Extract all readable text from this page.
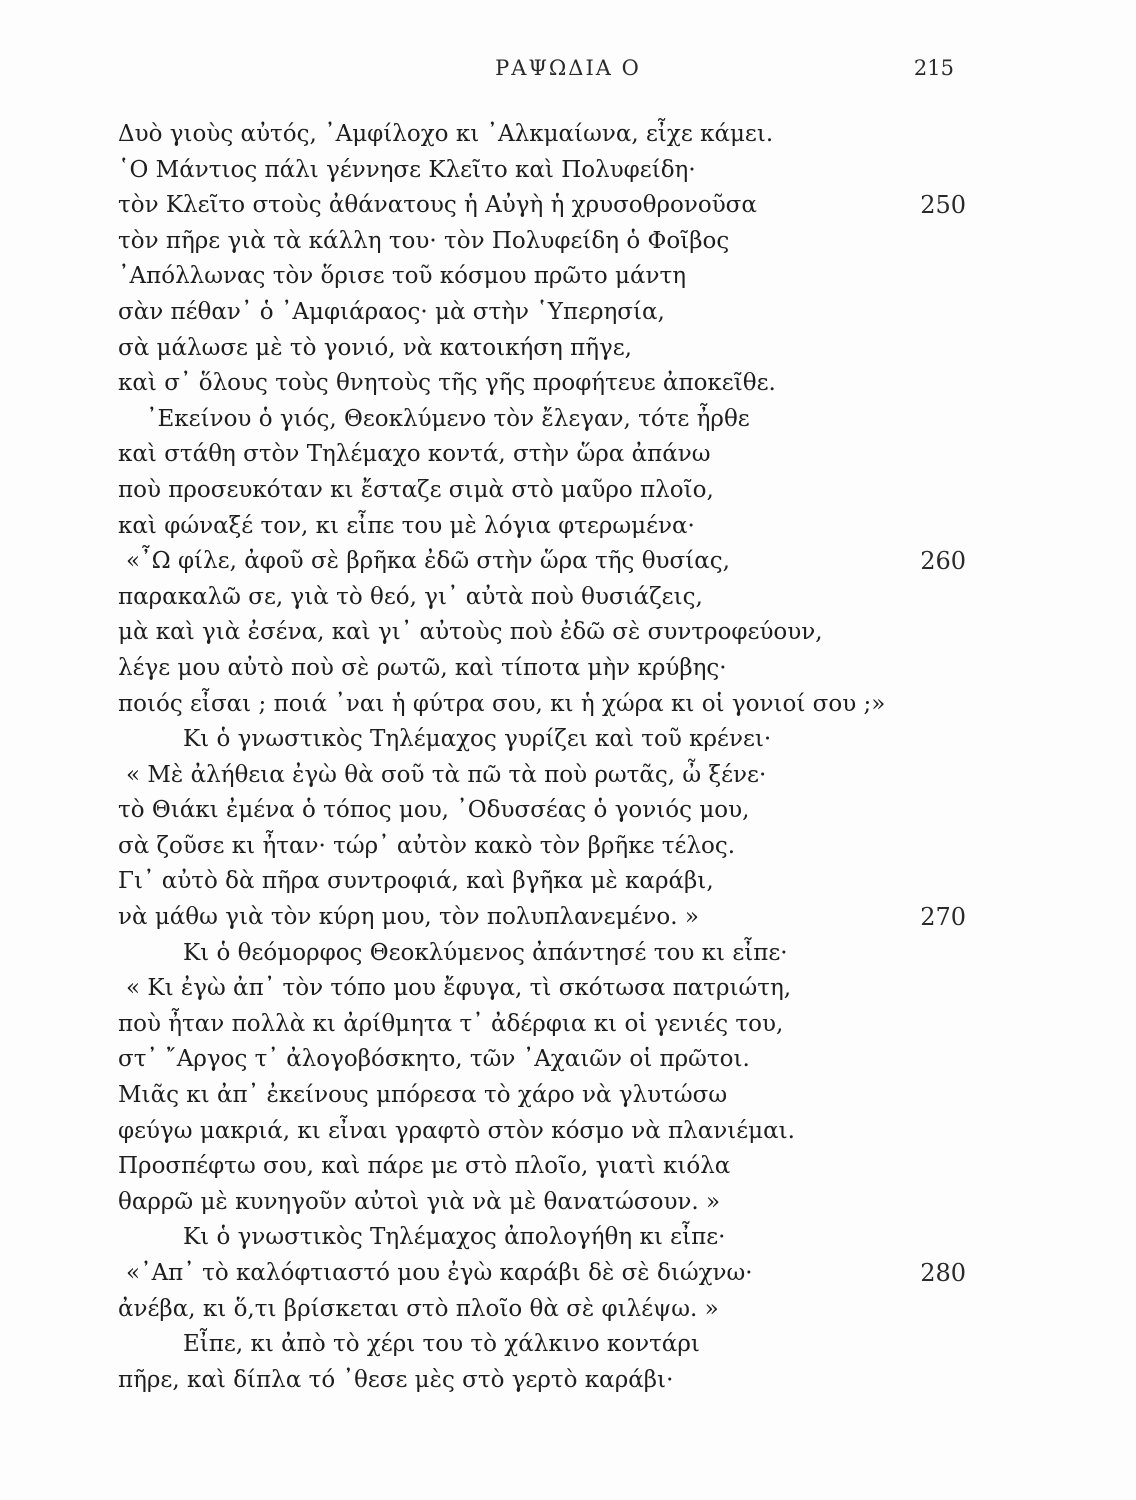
ΡΑΨΩΔΙΑ Ο	215
Δυὸ γιοὺς αὐτός, ᾿Αμφίλοχο κι ᾿Αλκμαίωνα, εἶχε κάμει.
῾Ο Μάντιος πάλι γέννησε Κλεῖτο καὶ Πολυφείδη·
τὸν Κλεῖτο στοὺς ἀθάνατους ἡ Αὐγὴ ἡ χρυσοθρονοῦσα	250
τὸν πῆρε γιὰ τὰ κάλλη του· τὸν Πολυφείδη ὁ Φοῖβος
᾿Απόλλωνας τὸν ὅρισε τοῦ κόσμου πρῶτο μάντη
σὰν πέθαν᾿ ὁ ᾿Αμφιάραος· μὰ στὴν ῾Υπερησία,
σὰ μάλωσε μὲ τὸ γονιό, νὰ κατοικήση πῆγε,
καὶ σ᾿ ὅλους τοὺς θνητοὺς τῆς γῆς προφήτευε ἀποκεῖθε.
᾿Εκείνου ὁ γιός, Θεοκλύμενο τὸν ἔλεγαν, τότε ἦρθε
καὶ στάθη στὸν Τηλέμαχο κοντά, στὴν ὥρα ἀπάνω
ποὺ προσευκόταν κι ἔσταζε σιμὰ στὸ μαῦρο πλοῖο,
καὶ φώναξέ τον, κι εἶπε του μὲ λόγια φτερωμένα·
«῏Ω φίλε, ἀφοῦ σὲ βρῆκα ἐδῶ στὴν ὥρα τῆς θυσίας,	260
παρακαλῶ σε, γιὰ τὸ θεό, γι᾿ αὐτὰ ποὺ θυσιάζεις,
μὰ καὶ γιὰ ἐσένα, καὶ γι᾿ αὐτοὺς ποὺ ἐδῶ σὲ συντροφεύουν,
λέγε μου αὐτὸ ποὺ σὲ ρωτῶ, καὶ τίποτα μὴν κρύβης·
ποιός εἶσαι ; ποιά ᾿ναι ἡ φύτρα σου, κι ἡ χώρα κι οἱ γονιοί σου ;»
Κι ὁ γνωστικὸς Τηλέμαχος γυρίζει καὶ τοῦ κρένει·
« Μὲ ἀλήθεια ἐγὼ θὰ σοῦ τὰ πῶ τὰ ποὺ ρωτᾶς, ὦ ξένε·
τὸ Θιάκι ἐμένα ὁ τόπος μου, ᾿Οδυσσέας ὁ γονιός μου,
σὰ ζοῦσε κι ἦταν· τώρ᾿ αὐτὸν κακὸ τὸν βρῆκε τέλος.
Γι᾿ αὐτὸ δὰ πῆρα συντροφιά, καὶ βγῆκα μὲ καράβι,
νὰ μάθω γιὰ τὸν κύρη μου, τὸν πολυπλανεμένο. »	270
Κι ὁ θεόμορφος Θεοκλύμενος ἀπάντησέ του κι εἶπε·
« Κι ἐγὼ ἀπ᾿ τὸν τόπο μου ἔφυγα, τὶ σκότωσα πατριώτη,
ποὺ ἦταν πολλὰ κι ἀρίθμητα τ᾿ ἀδέρφια κι οἱ γενιές του,
στ᾿ ῎Αργος τ᾿ ἀλογοβόσκητο, τῶν ᾿Αχαιῶν οἱ πρῶτοι.
Μιᾶς κι ἀπ᾿ ἐκείνους μπόρεσα τὸ χάρο νὰ γλυτώσω
φεύγω μακριά, κι εἶναι γραφτὸ στὸν κόσμο νὰ πλανιέμαι.
Προσπέφτω σου, καὶ πάρε με στὸ πλοῖο, γιατὶ κιόλα
θαρρῶ μὲ κυνηγοῦν αὐτοὶ γιὰ νὰ μὲ θανατώσουν. »
Κι ὁ γνωστικὸς Τηλέμαχος ἀπολογήθη κι εἶπε·
«᾿Απ᾿ τὸ καλόφτιαστό μου ἐγὼ καράβι δὲ σὲ διώχνω·	280
ἀνέβα, κι ὅ,τι βρίσκεται στὸ πλοῖο θὰ σὲ φιλέψω. »
Εἶπε, κι ἀπὸ τὸ χέρι του τὸ χάλκινο κοντάρι
πῆρε, καὶ δίπλα τό ᾿θεσε μὲς στὸ γερτὸ καράβι·
